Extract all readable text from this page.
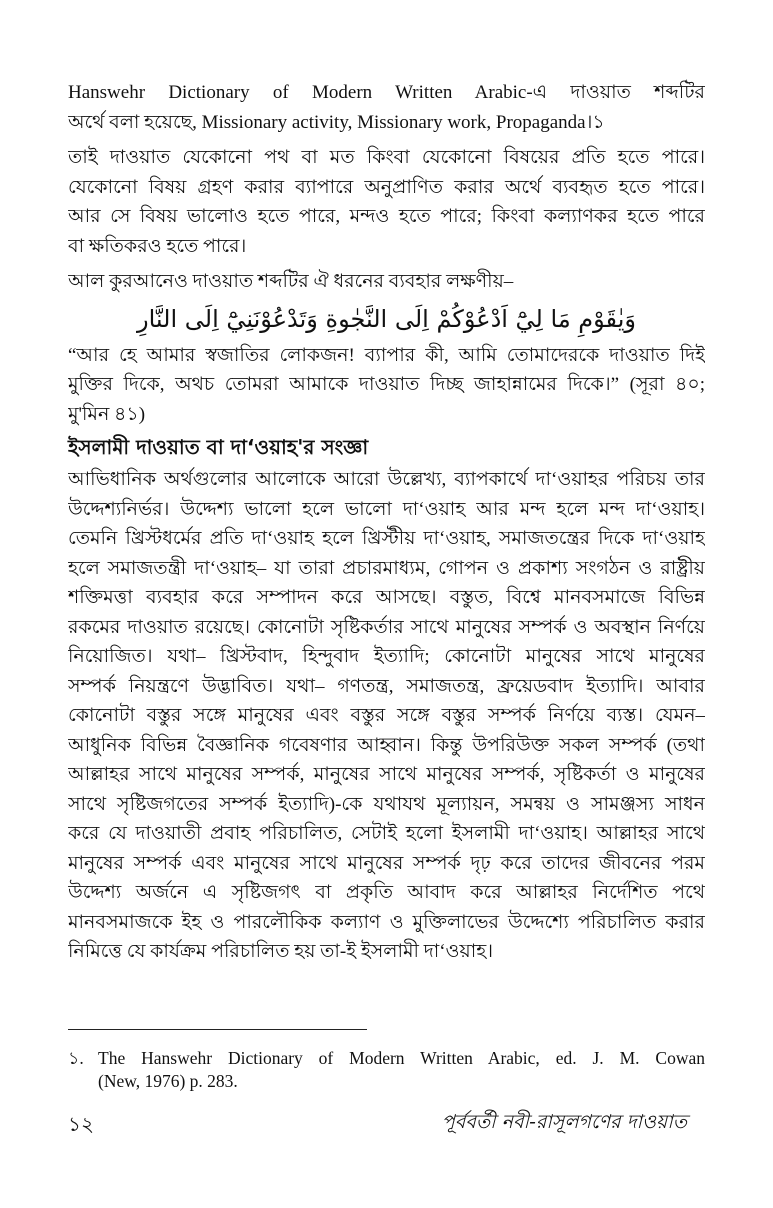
Hanswehr Dictionary of Modern Written Arabic-এ দাওয়াত শব্দটির
অর্থে বলা হয়েছে, Missionary activity, Missionary work, Propaganda।১
তাই দাওয়াত যেকোনো পথ বা মত কিংবা যেকোনো বিষয়ের প্রতি হতে পারে।
যেকোনো বিষয় গ্রহণ করার ব্যাপারে অনুপ্রাণিত করার অর্থে ব্যবহৃত হতে পারে।
আর সে বিষয় ভালোও হতে পারে, মন্দও হতে পারে; কিংবা কল্যাণকর হতে পারে
বা ক্ষতিকরও হতে পারে।
আল কুরআনেও দাওয়াত শব্দটির ঐ ধরনের ব্যবহার লক্ষণীয়–
وَيٰقَوْمِ مَا لِيْٓ اَدْعُوْكُمْ اِلَى النَّجٰوةِ وَتَدْعُوْنَنِيْٓ اِلَى النَّارِ
“আর হে আমার স্বজাতির লোকজন! ব্যাপার কী, আমি তোমাদেরকে দাওয়াত দিই
মুক্তির দিকে, অথচ তোমরা আমাকে দাওয়াত দিচ্ছ জাহান্নামের দিকে।” (সূরা ৪০;
মু'মিন ৪১)
ইসলামী দাওয়াত বা দা‘ওয়াহ'র সংজ্ঞা
আভিধানিক অর্থগুলোর আলোকে আরো উল্লেখ্য, ব্যাপকার্থে দা‘ওয়াহর পরিচয় তার
উদ্দেশ্যনির্ভর। উদ্দেশ্য ভালো হলে ভালো দা‘ওয়াহ আর মন্দ হলে মন্দ দা‘ওয়াহ।
তেমনি খ্রিস্টধর্মের প্রতি দা‘ওয়াহ হলে খ্রিস্টীয় দা‘ওয়াহ, সমাজতন্ত্রের দিকে দা‘ওয়াহ
হলে সমাজতন্ত্রী দা‘ওয়াহ– যা তারা প্রচারমাধ্যম, গোপন ও প্রকাশ্য সংগঠন ও রাষ্ট্রীয়
শক্তিমত্তা ব্যবহার করে সম্পাদন করে আসছে। বস্তুত, বিশ্বে মানবসমাজে বিভিন্ন
রকমের দাওয়াত রয়েছে। কোনোটা সৃষ্টিকর্তার সাথে মানুষের সম্পর্ক ও অবস্থান নির্ণয়ে
নিয়োজিত। যথা– খ্রিস্টবাদ, হিন্দুবাদ ইত্যাদি; কোনোটা মানুষের সাথে মানুষের
সম্পর্ক নিয়ন্ত্রণে উদ্ভাবিত। যথা– গণতন্ত্র, সমাজতন্ত্র, ফ্রয়েডবাদ ইত্যাদি। আবার
কোনোটা বস্তুর সঙ্গে মানুষের এবং বস্তুর সঙ্গে বস্তুর সম্পর্ক নির্ণয়ে ব্যস্ত। যেমন–
আধুনিক বিভিন্ন বৈজ্ঞানিক গবেষণার আহ্বান। কিন্তু উপরিউক্ত সকল সম্পর্ক (তথা
আল্লাহর সাথে মানুষের সম্পর্ক, মানুষের সাথে মানুষের সম্পর্ক, সৃষ্টিকর্তা ও মানুষের
সাথে সৃষ্টিজগতের সম্পর্ক ইত্যাদি)-কে যথাযথ মূল্যায়ন, সমন্বয় ও সামঞ্জস্য সাধন
করে যে দাওয়াতী প্রবাহ পরিচালিত, সেটাই হলো ইসলামী দা‘ওয়াহ। আল্লাহর সাথে
মানুষের সম্পর্ক এবং মানুষের সাথে মানুষের সম্পর্ক দৃঢ় করে তাদের জীবনের পরম
উদ্দেশ্য অর্জনে এ সৃষ্টিজগৎ বা প্রকৃতি আবাদ করে আল্লাহর নির্দেশিত পথে
মানবসমাজকে ইহ ও পারলৌকিক কল্যাণ ও মুক্তিলাভের উদ্দেশ্যে পরিচালিত করার
নিমিত্তে যে কার্যক্রম পরিচালিত হয় তা-ই ইসলামী দা‘ওয়াহ।
১. The Hanswehr Dictionary of Modern Written Arabic, ed. J. M. Cowan
(New, 1976) p. 283.
১২	পূর্ববর্তী নবী-রাসূলগণের দাওয়াত
